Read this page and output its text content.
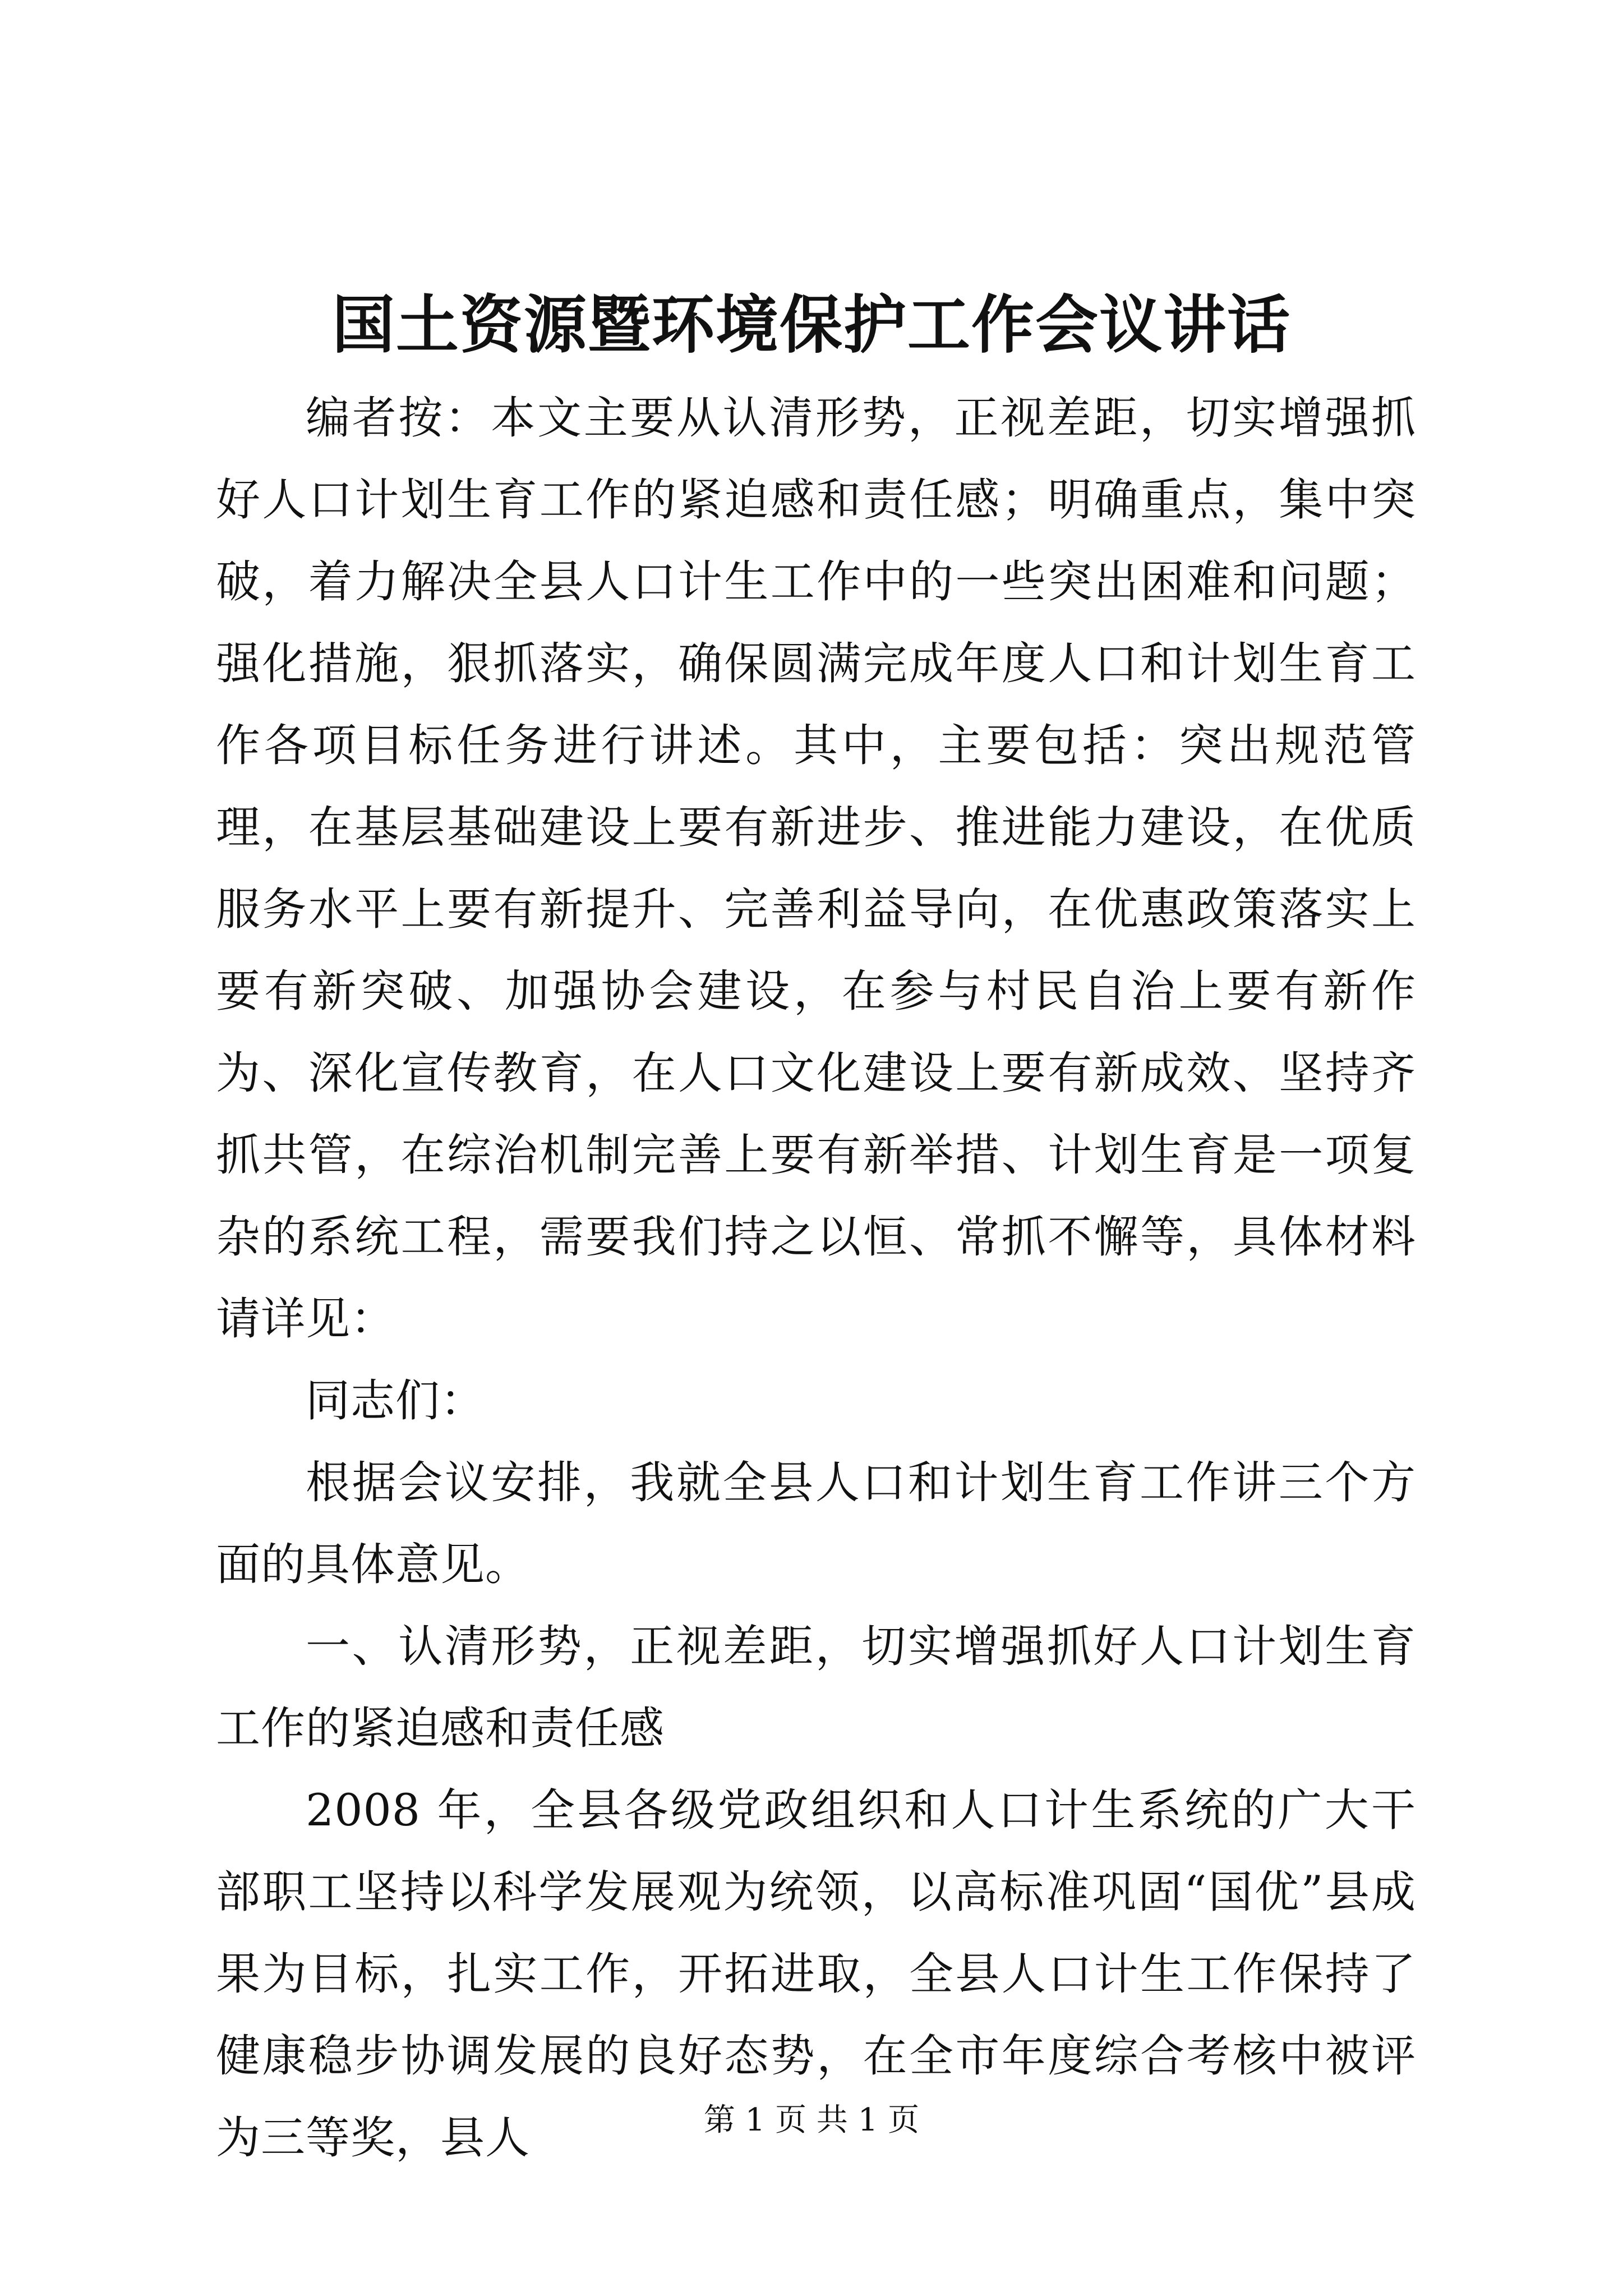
国土资源暨环境保护工作会议讲话

编者按：本文主要从认清形势，正视差距，切实增强抓好人口计划生育工作的紧迫感和责任感；明确重点，集中突破，着力解决全县人口计生工作中的一些突出困难和问题；强化措施，狠抓落实，确保圆满完成年度人口和计划生育工作各项目标任务进行讲述。其中，主要包括：突出规范管理，在基层基础建设上要有新进步、推进能力建设，在优质服务水平上要有新提升、完善利益导向，在优惠政策落实上要有新突破、加强协会建设，在参与村民自治上要有新作为、深化宣传教育，在人口文化建设上要有新成效、坚持齐抓共管，在综治机制完善上要有新举措、计划生育是一项复杂的系统工程，需要我们持之以恒、常抓不懈等，具体材料请详见：

同志们：

根据会议安排，我就全县人口和计划生育工作讲三个方面的具体意见。

一、认清形势，正视差距，切实增强抓好人口计划生育工作的紧迫感和责任感

2008 年，全县各级党政组织和人口计生系统的广大干部职工坚持以科学发展观为统领，以高标准巩固“国优”县成果为目标，扎实工作，开拓进取，全县人口计生工作保持了健康稳步协调发展的良好态势，在全市年度综合考核中被评为三等奖，县人	第 1 页 共 1 页
